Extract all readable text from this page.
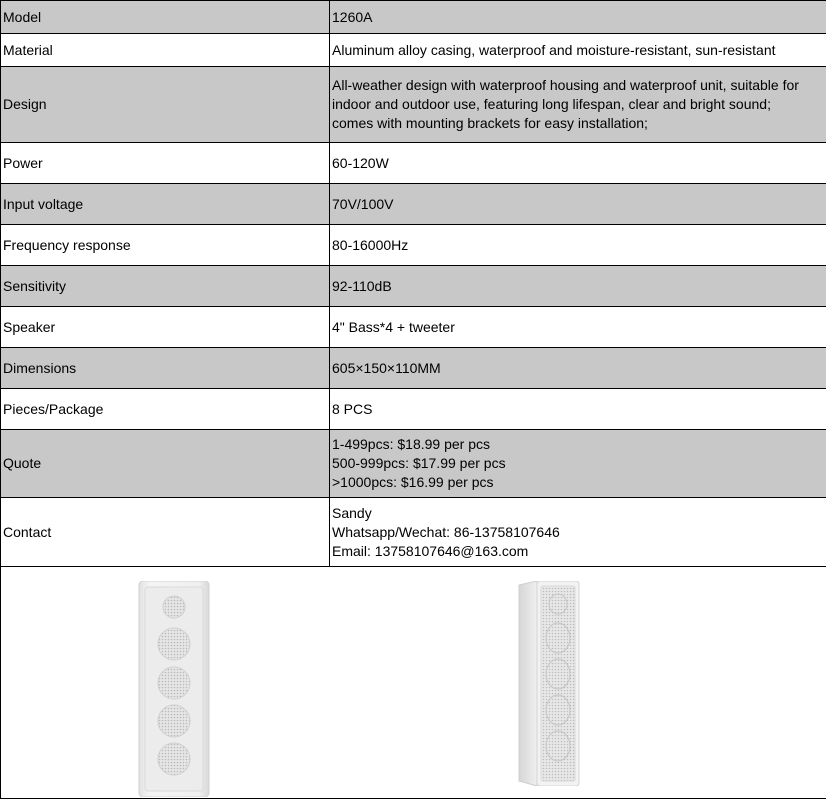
Model	1260A

Material	Aluminum alloy casing, waterproof and moisture-resistant, sun-resistant

Design	All-weather design with waterproof housing and waterproof unit, suitable for
indoor and outdoor use, featuring long lifespan, clear and bright sound;
comes with mounting brackets for easy installation;

Power	60-120W

Input voltage	70V/100V

Frequency response	80-16000Hz

Sensitivity	92-110dB

Speaker	4" Bass*4 + tweeter

Dimensions	605×150×110MM

Pieces/Package	8 PCS

Quote	1-499pcs: $18.99 per pcs
500-999pcs: $17.99 per pcs
>1000pcs: $16.99 per pcs

Contact	Sandy
Whatsapp/Wechat: 86-13758107646
Email: 13758107646@163.com
